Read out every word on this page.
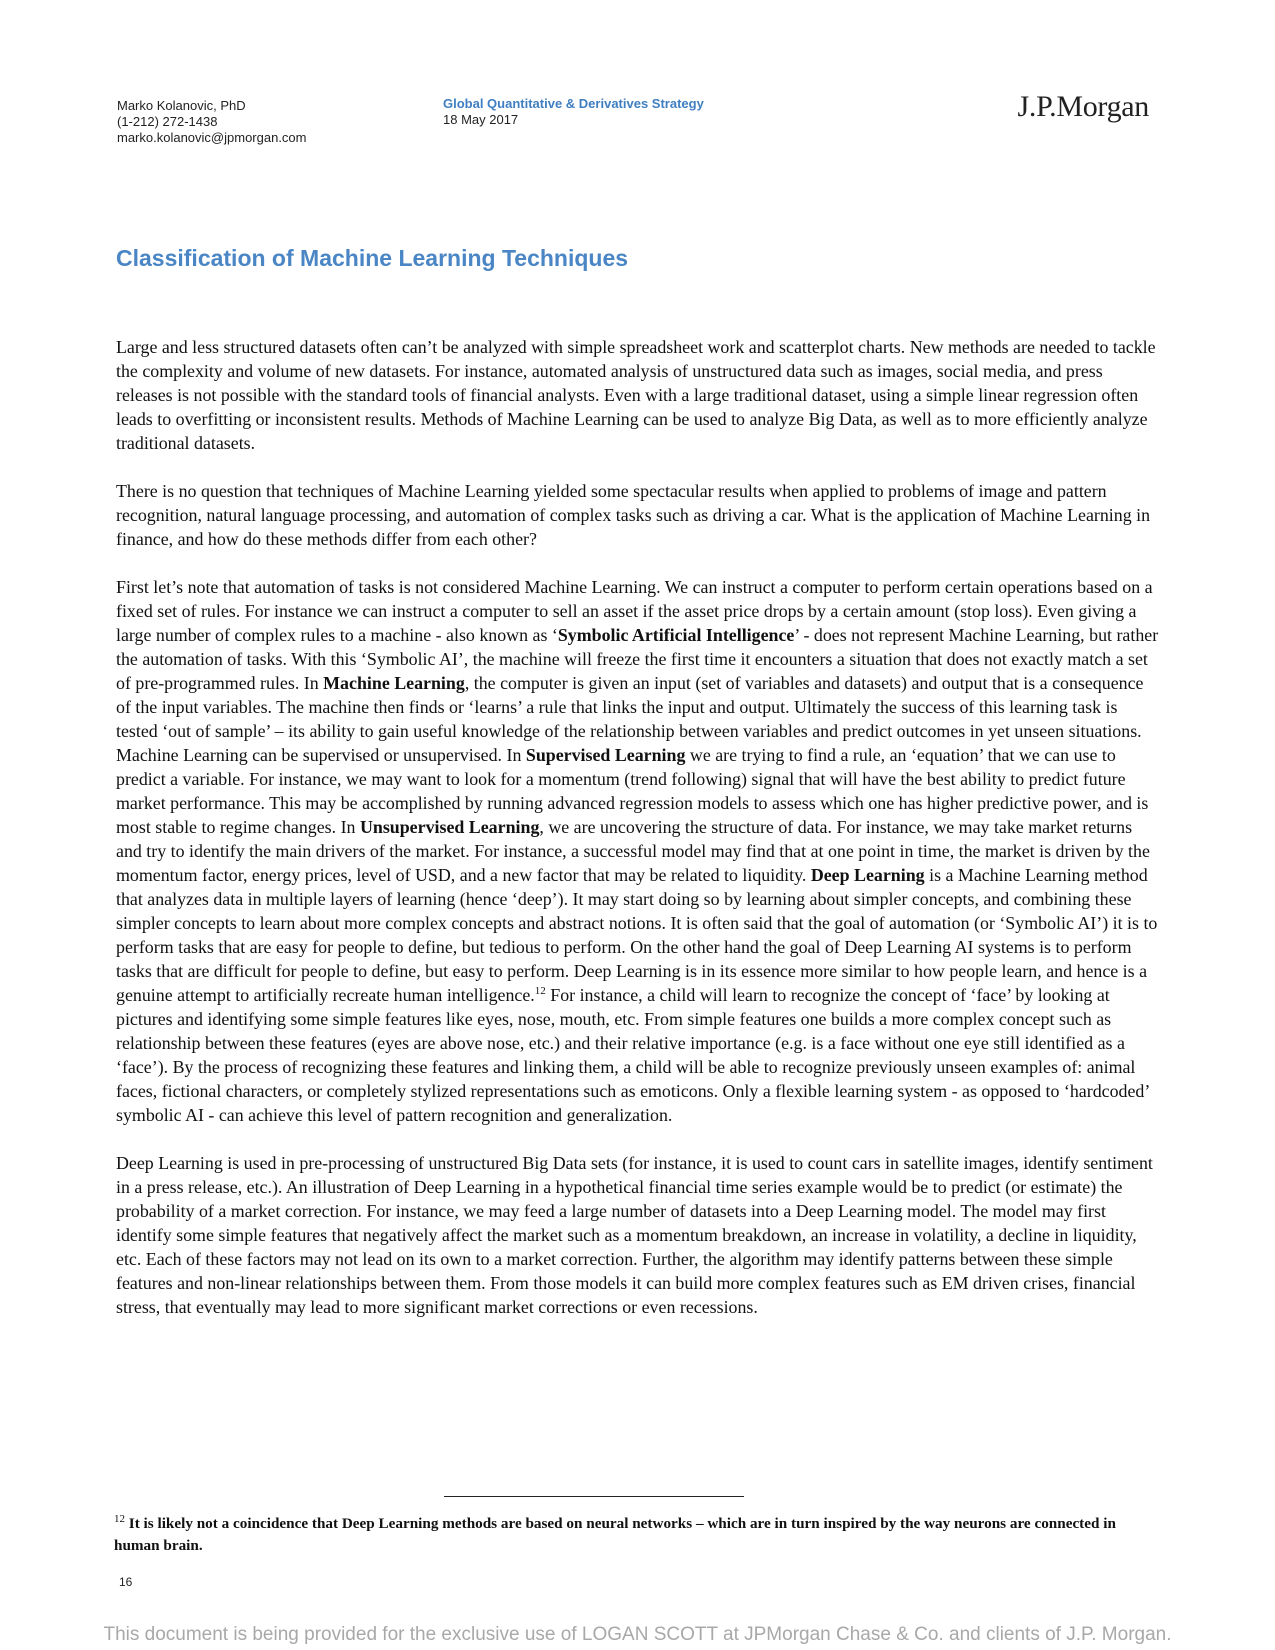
Marko Kolanovic, PhD
(1-212) 272-1438
marko.kolanovic@jpmorgan.com
Global Quantitative & Derivatives Strategy
18 May 2017	J.P.Morgan
Classification of Machine Learning Techniques

Large and less structured datasets often can’t be analyzed with simple spreadsheet work and scatterplot charts. New methods are needed to tackle the complexity and volume of new datasets. For instance, automated analysis of unstructured data such as images, social media, and press releases is not possible with the standard tools of financial analysts. Even with a large traditional dataset, using a simple linear regression often leads to overfitting or inconsistent results. Methods of Machine Learning can be used to analyze Big Data, as well as to more efficiently analyze traditional datasets.

There is no question that techniques of Machine Learning yielded some spectacular results when applied to problems of image and pattern recognition, natural language processing, and automation of complex tasks such as driving a car. What is the application of Machine Learning in finance, and how do these methods differ from each other?

First let’s note that automation of tasks is not considered Machine Learning. We can instruct a computer to perform certain operations based on a fixed set of rules. For instance we can instruct a computer to sell an asset if the asset price drops by a certain amount (stop loss). Even giving a large number of complex rules to a machine - also known as ‘Symbolic Artificial Intelligence’ - does not represent Machine Learning, but rather the automation of tasks. With this ‘Symbolic AI’, the machine will freeze the first time it encounters a situation that does not exactly match a set of pre-programmed rules. In Machine Learning, the computer is given an input (set of variables and datasets) and output that is a consequence of the input variables. The machine then finds or ‘learns’ a rule that links the input and output. Ultimately the success of this learning task is tested ‘out of sample’ – its ability to gain useful knowledge of the relationship between variables and predict outcomes in yet unseen situations. Machine Learning can be supervised or unsupervised. In Supervised Learning we are trying to find a rule, an ‘equation’ that we can use to predict a variable. For instance, we may want to look for a momentum (trend following) signal that will have the best ability to predict future market performance. This may be accomplished by running advanced regression models to assess which one has higher predictive power, and is most stable to regime changes. In Unsupervised Learning, we are uncovering the structure of data. For instance, we may take market returns and try to identify the main drivers of the market. For instance, a successful model may find that at one point in time, the market is driven by the momentum factor, energy prices, level of USD, and a new factor that may be related to liquidity. Deep Learning is a Machine Learning method that analyzes data in multiple layers of learning (hence ‘deep’). It may start doing so by learning about simpler concepts, and combining these simpler concepts to learn about more complex concepts and abstract notions. It is often said that the goal of automation (or ‘Symbolic AI’) it is to perform tasks that are easy for people to define, but tedious to perform. On the other hand the goal of Deep Learning AI systems is to perform tasks that are difficult for people to define, but easy to perform. Deep Learning is in its essence more similar to how people learn, and hence is a genuine attempt to artificially recreate human intelligence.$^{12}$ For instance, a child will learn to recognize the concept of ‘face’ by looking at pictures and identifying some simple features like eyes, nose, mouth, etc. From simple features one builds a more complex concept such as relationship between these features (eyes are above nose, etc.) and their relative importance (e.g. is a face without one eye still identified as a ‘face’). By the process of recognizing these features and linking them, a child will be able to recognize previously unseen examples of: animal faces, fictional characters, or completely stylized representations such as emoticons. Only a flexible learning system - as opposed to ‘hardcoded’ symbolic AI - can achieve this level of pattern recognition and generalization.

Deep Learning is used in pre-processing of unstructured Big Data sets (for instance, it is used to count cars in satellite images, identify sentiment in a press release, etc.). An illustration of Deep Learning in a hypothetical financial time series example would be to predict (or estimate) the probability of a market correction. For instance, we may feed a large number of datasets into a Deep Learning model. The model may first identify some simple features that negatively affect the market such as a momentum breakdown, an increase in volatility, a decline in liquidity, etc. Each of these factors may not lead on its own to a market correction. Further, the algorithm may identify patterns between these simple features and non-linear relationships between them. From those models it can build more complex features such as EM driven crises, financial stress, that eventually may lead to more significant market corrections or even recessions.

$^{12}$ It is likely not a coincidence that Deep Learning methods are based on neural networks – which are in turn inspired by the way neurons are connected in human brain.
16
This document is being provided for the exclusive use of LOGAN SCOTT at JPMorgan Chase & Co. and clients of J.P. Morgan.
